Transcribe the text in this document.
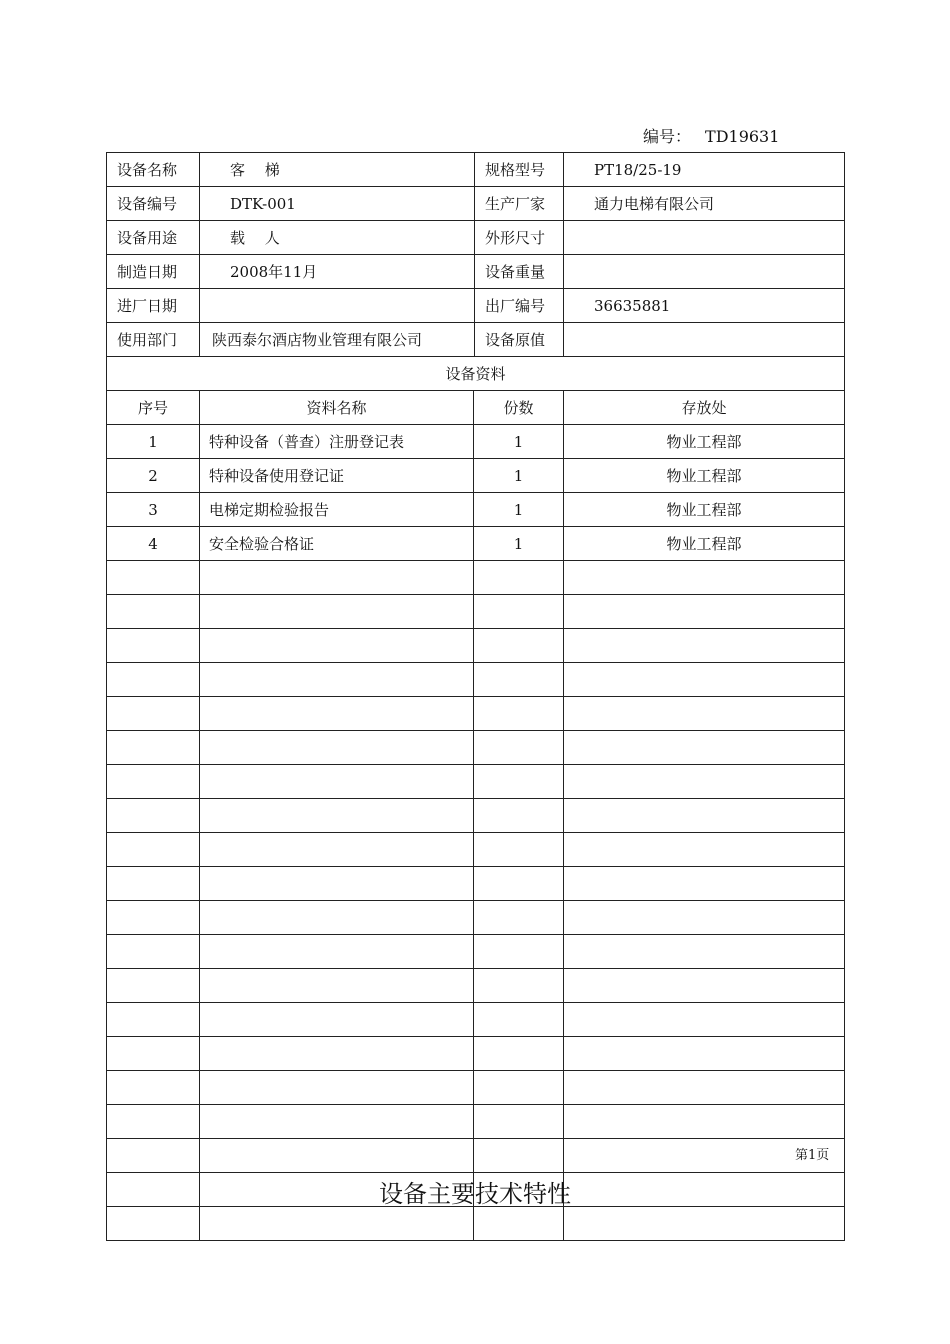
编号： TD19631
设备名称	客　 梯	规格型号	PT18/25-19
设备编号	DTK-001	生产厂家	通力电梯有限公司
设备用途	载　 人	外形尺寸	
制造日期	2008年11月	设备重量	
进厂日期		出厂编号	36635881
使用部门	陕西泰尔酒店物业管理有限公司	设备原值	
设备资料			
序号	资料名称	份数	存放处
1	特种设备（普查）注册登记表	1	物业工程部
2	特种设备使用登记证	1	物业工程部
3	电梯定期检验报告	1	物业工程部
4	安全检验合格证	1	物业工程部

第1页
设备主要技术特性
